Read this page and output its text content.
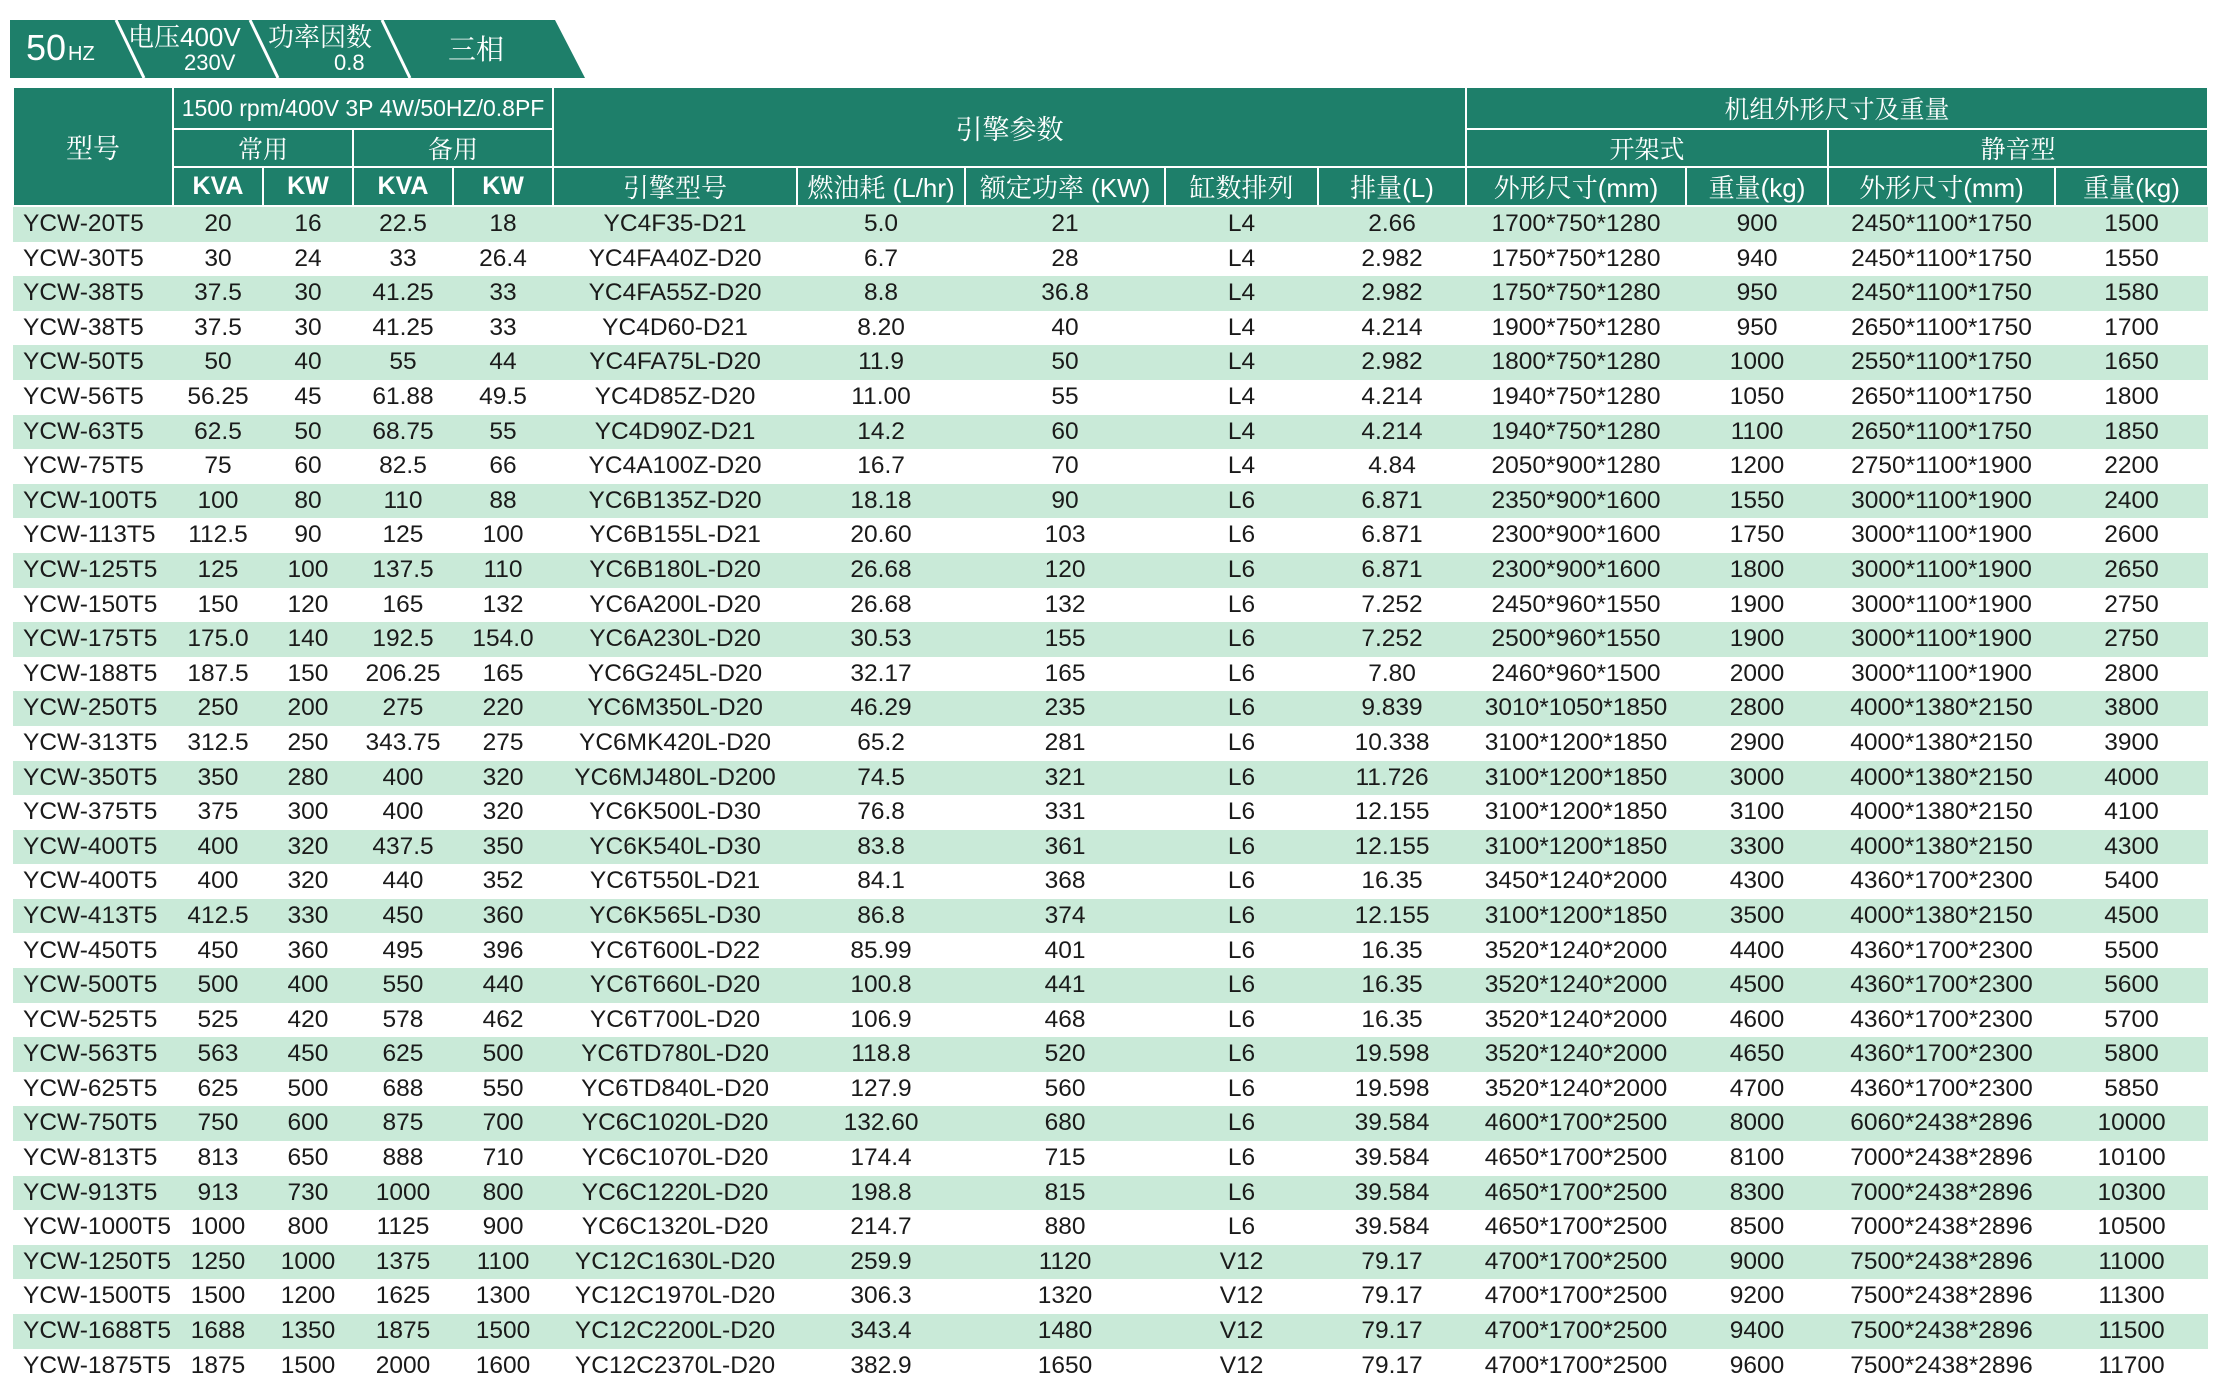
50 HZ
电压400V
230V
功率因数
0.8	三相
型号	1500 rpm/400V 3P 4W/50HZ/0.8PF				引擎参数					机组外形尺寸及重量			
	常用		备用							开架式		静音型	
	KVA	KW	KVA	KW	引擎型号	燃油耗 (L/hr)	额定功率 (KW)	缸数排列	排量(L)	外形尺寸(mm)	重量(kg)	外形尺寸(mm)	重量(kg)
YCW-20T5	20	16	22.5	18	YC4F35-D21	5.0	21	L4	2.66	1700*750*1280	900	2450*1100*1750	1500
YCW-30T5	30	24	33	26.4	YC4FA40Z-D20	6.7	28	L4	2.982	1750*750*1280	940	2450*1100*1750	1550
YCW-38T5	37.5	30	41.25	33	YC4FA55Z-D20	8.8	36.8	L4	2.982	1750*750*1280	950	2450*1100*1750	1580
YCW-38T5	37.5	30	41.25	33	YC4D60-D21	8.20	40	L4	4.214	1900*750*1280	950	2650*1100*1750	1700
YCW-50T5	50	40	55	44	YC4FA75L-D20	11.9	50	L4	2.982	1800*750*1280	1000	2550*1100*1750	1650
YCW-56T5	56.25	45	61.88	49.5	YC4D85Z-D20	11.00	55	L4	4.214	1940*750*1280	1050	2650*1100*1750	1800
YCW-63T5	62.5	50	68.75	55	YC4D90Z-D21	14.2	60	L4	4.214	1940*750*1280	1100	2650*1100*1750	1850
YCW-75T5	75	60	82.5	66	YC4A100Z-D20	16.7	70	L4	4.84	2050*900*1280	1200	2750*1100*1900	2200
YCW-100T5	100	80	110	88	YC6B135Z-D20	18.18	90	L6	6.871	2350*900*1600	1550	3000*1100*1900	2400
YCW-113T5	112.5	90	125	100	YC6B155L-D21	20.60	103	L6	6.871	2300*900*1600	1750	3000*1100*1900	2600
YCW-125T5	125	100	137.5	110	YC6B180L-D20	26.68	120	L6	6.871	2300*900*1600	1800	3000*1100*1900	2650
YCW-150T5	150	120	165	132	YC6A200L-D20	26.68	132	L6	7.252	2450*960*1550	1900	3000*1100*1900	2750
YCW-175T5	175.0	140	192.5	154.0	YC6A230L-D20	30.53	155	L6	7.252	2500*960*1550	1900	3000*1100*1900	2750
YCW-188T5	187.5	150	206.25	165	YC6G245L-D20	32.17	165	L6	7.80	2460*960*1500	2000	3000*1100*1900	2800
YCW-250T5	250	200	275	220	YC6M350L-D20	46.29	235	L6	9.839	3010*1050*1850	2800	4000*1380*2150	3800
YCW-313T5	312.5	250	343.75	275	YC6MK420L-D20	65.2	281	L6	10.338	3100*1200*1850	2900	4000*1380*2150	3900
YCW-350T5	350	280	400	320	YC6MJ480L-D200	74.5	321	L6	11.726	3100*1200*1850	3000	4000*1380*2150	4000
YCW-375T5	375	300	400	320	YC6K500L-D30	76.8	331	L6	12.155	3100*1200*1850	3100	4000*1380*2150	4100
YCW-400T5	400	320	437.5	350	YC6K540L-D30	83.8	361	L6	12.155	3100*1200*1850	3300	4000*1380*2150	4300
YCW-400T5	400	320	440	352	YC6T550L-D21	84.1	368	L6	16.35	3450*1240*2000	4300	4360*1700*2300	5400
YCW-413T5	412.5	330	450	360	YC6K565L-D30	86.8	374	L6	12.155	3100*1200*1850	3500	4000*1380*2150	4500
YCW-450T5	450	360	495	396	YC6T600L-D22	85.99	401	L6	16.35	3520*1240*2000	4400	4360*1700*2300	5500
YCW-500T5	500	400	550	440	YC6T660L-D20	100.8	441	L6	16.35	3520*1240*2000	4500	4360*1700*2300	5600
YCW-525T5	525	420	578	462	YC6T700L-D20	106.9	468	L6	16.35	3520*1240*2000	4600	4360*1700*2300	5700
YCW-563T5	563	450	625	500	YC6TD780L-D20	118.8	520	L6	19.598	3520*1240*2000	4650	4360*1700*2300	5800
YCW-625T5	625	500	688	550	YC6TD840L-D20	127.9	560	L6	19.598	3520*1240*2000	4700	4360*1700*2300	5850
YCW-750T5	750	600	875	700	YC6C1020L-D20	132.60	680	L6	39.584	4600*1700*2500	8000	6060*2438*2896	10000
YCW-813T5	813	650	888	710	YC6C1070L-D20	174.4	715	L6	39.584	4650*1700*2500	8100	7000*2438*2896	10100
YCW-913T5	913	730	1000	800	YC6C1220L-D20	198.8	815	L6	39.584	4650*1700*2500	8300	7000*2438*2896	10300
YCW-1000T5	1000	800	1125	900	YC6C1320L-D20	214.7	880	L6	39.584	4650*1700*2500	8500	7000*2438*2896	10500
YCW-1250T5	1250	1000	1375	1100	YC12C1630L-D20	259.9	1120	V12	79.17	4700*1700*2500	9000	7500*2438*2896	11000
YCW-1500T5	1500	1200	1625	1300	YC12C1970L-D20	306.3	1320	V12	79.17	4700*1700*2500	9200	7500*2438*2896	11300
YCW-1688T5	1688	1350	1875	1500	YC12C2200L-D20	343.4	1480	V12	79.17	4700*1700*2500	9400	7500*2438*2896	11500
YCW-1875T5	1875	1500	2000	1600	YC12C2370L-D20	382.9	1650	V12	79.17	4700*1700*2500	9600	7500*2438*2896	11700
